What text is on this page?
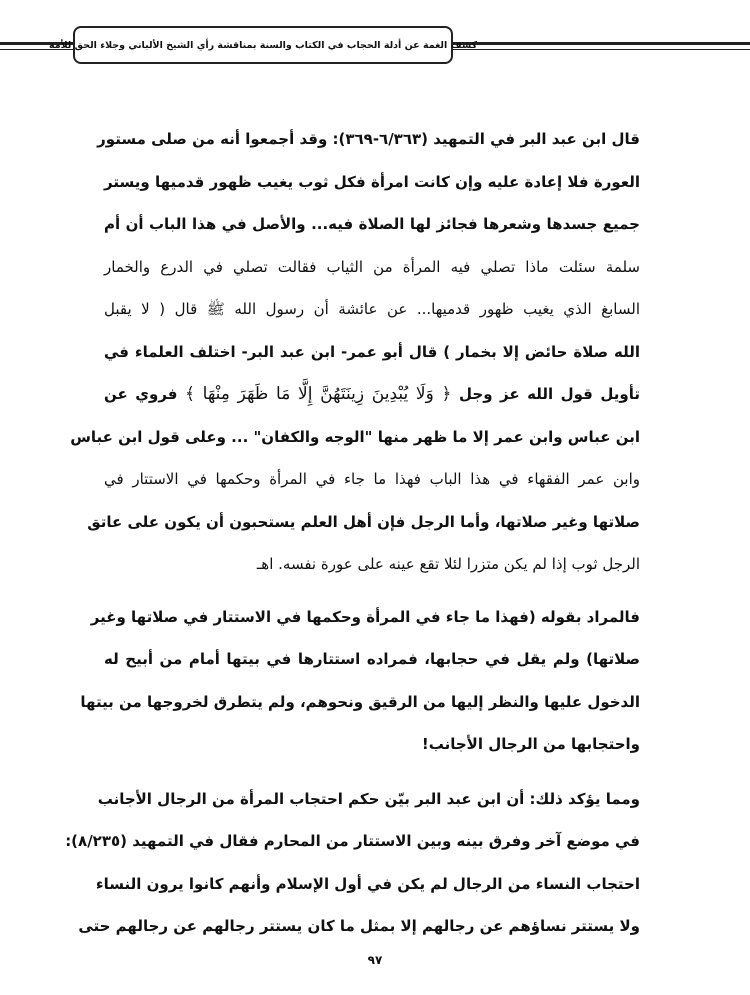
كشف الغمة عن أدلة الحجاب في الكتاب والسنة بمناقشة رأي الشيخ الألباني وجلاء الحق للأمة
قال ابن عبد البر في التمهيد (٦/٣٦٣-٣٦٩): وقد أجمعوا أنه من صلى مستور
العورة فلا إعادة عليه وإن كانت امرأة فكل ثوب يغيب ظهور قدميها ويستر
جميع جسدها وشعرها فجائز لها الصلاة فيه... والأصل في هذا الباب أن أم
سلمة سئلت ماذا تصلي فيه المرأة من الثياب فقالت تصلي في الدرع والخمار
السابغ الذي يغيب ظهور قدميها... عن عائشة أن رسول الله ﷺ قال ( لا يقبل
الله صلاة حائض إلا بخمار ) قال أبو عمر- ابن عبد البر- اختلف العلماء في
تأويل قول الله عز وجل ﴿ وَلَا يُبْدِينَ زِينَتَهُنَّ إِلَّا مَا ظَهَرَ مِنْهَا ﴾ فروي عن
ابن عباس وابن عمر إلا ما ظهر منها "الوجه والكفان" ... وعلى قول ابن عباس
وابن عمر الفقهاء في هذا الباب فهذا ما جاء في المرأة وحكمها في الاستتار في
صلاتها وغير صلاتها، وأما الرجل فإن أهل العلم يستحبون أن يكون على عاتق
الرجل ثوب إذا لم يكن متزرا لئلا تقع عينه على عورة نفسه. اهـ
فالمراد بقوله (فهذا ما جاء في المرأة وحكمها في الاستتار في صلاتها وغير
صلاتها) ولم يقل في حجابها، فمراده استتارها في بيتها أمام من أبيح له
الدخول عليها والنظر إليها من الرقيق ونحوهم، ولم يتطرق لخروجها من بيتها
واحتجابها من الرجال الأجانب!
ومما يؤكد ذلك: أن ابن عبد البر بيّن حكم احتجاب المرأة من الرجال الأجانب
في موضع آخر وفرق بينه وبين الاستتار من المحارم فقال في التمهيد (٨/٢٣٥):
احتجاب النساء من الرجال لم يكن في أول الإسلام وأنهم كانوا يرون النساء
ولا يستتر نساؤهم عن رجالهم إلا بمثل ما كان يستتر رجالهم عن رجالهم حتى
٩٧
